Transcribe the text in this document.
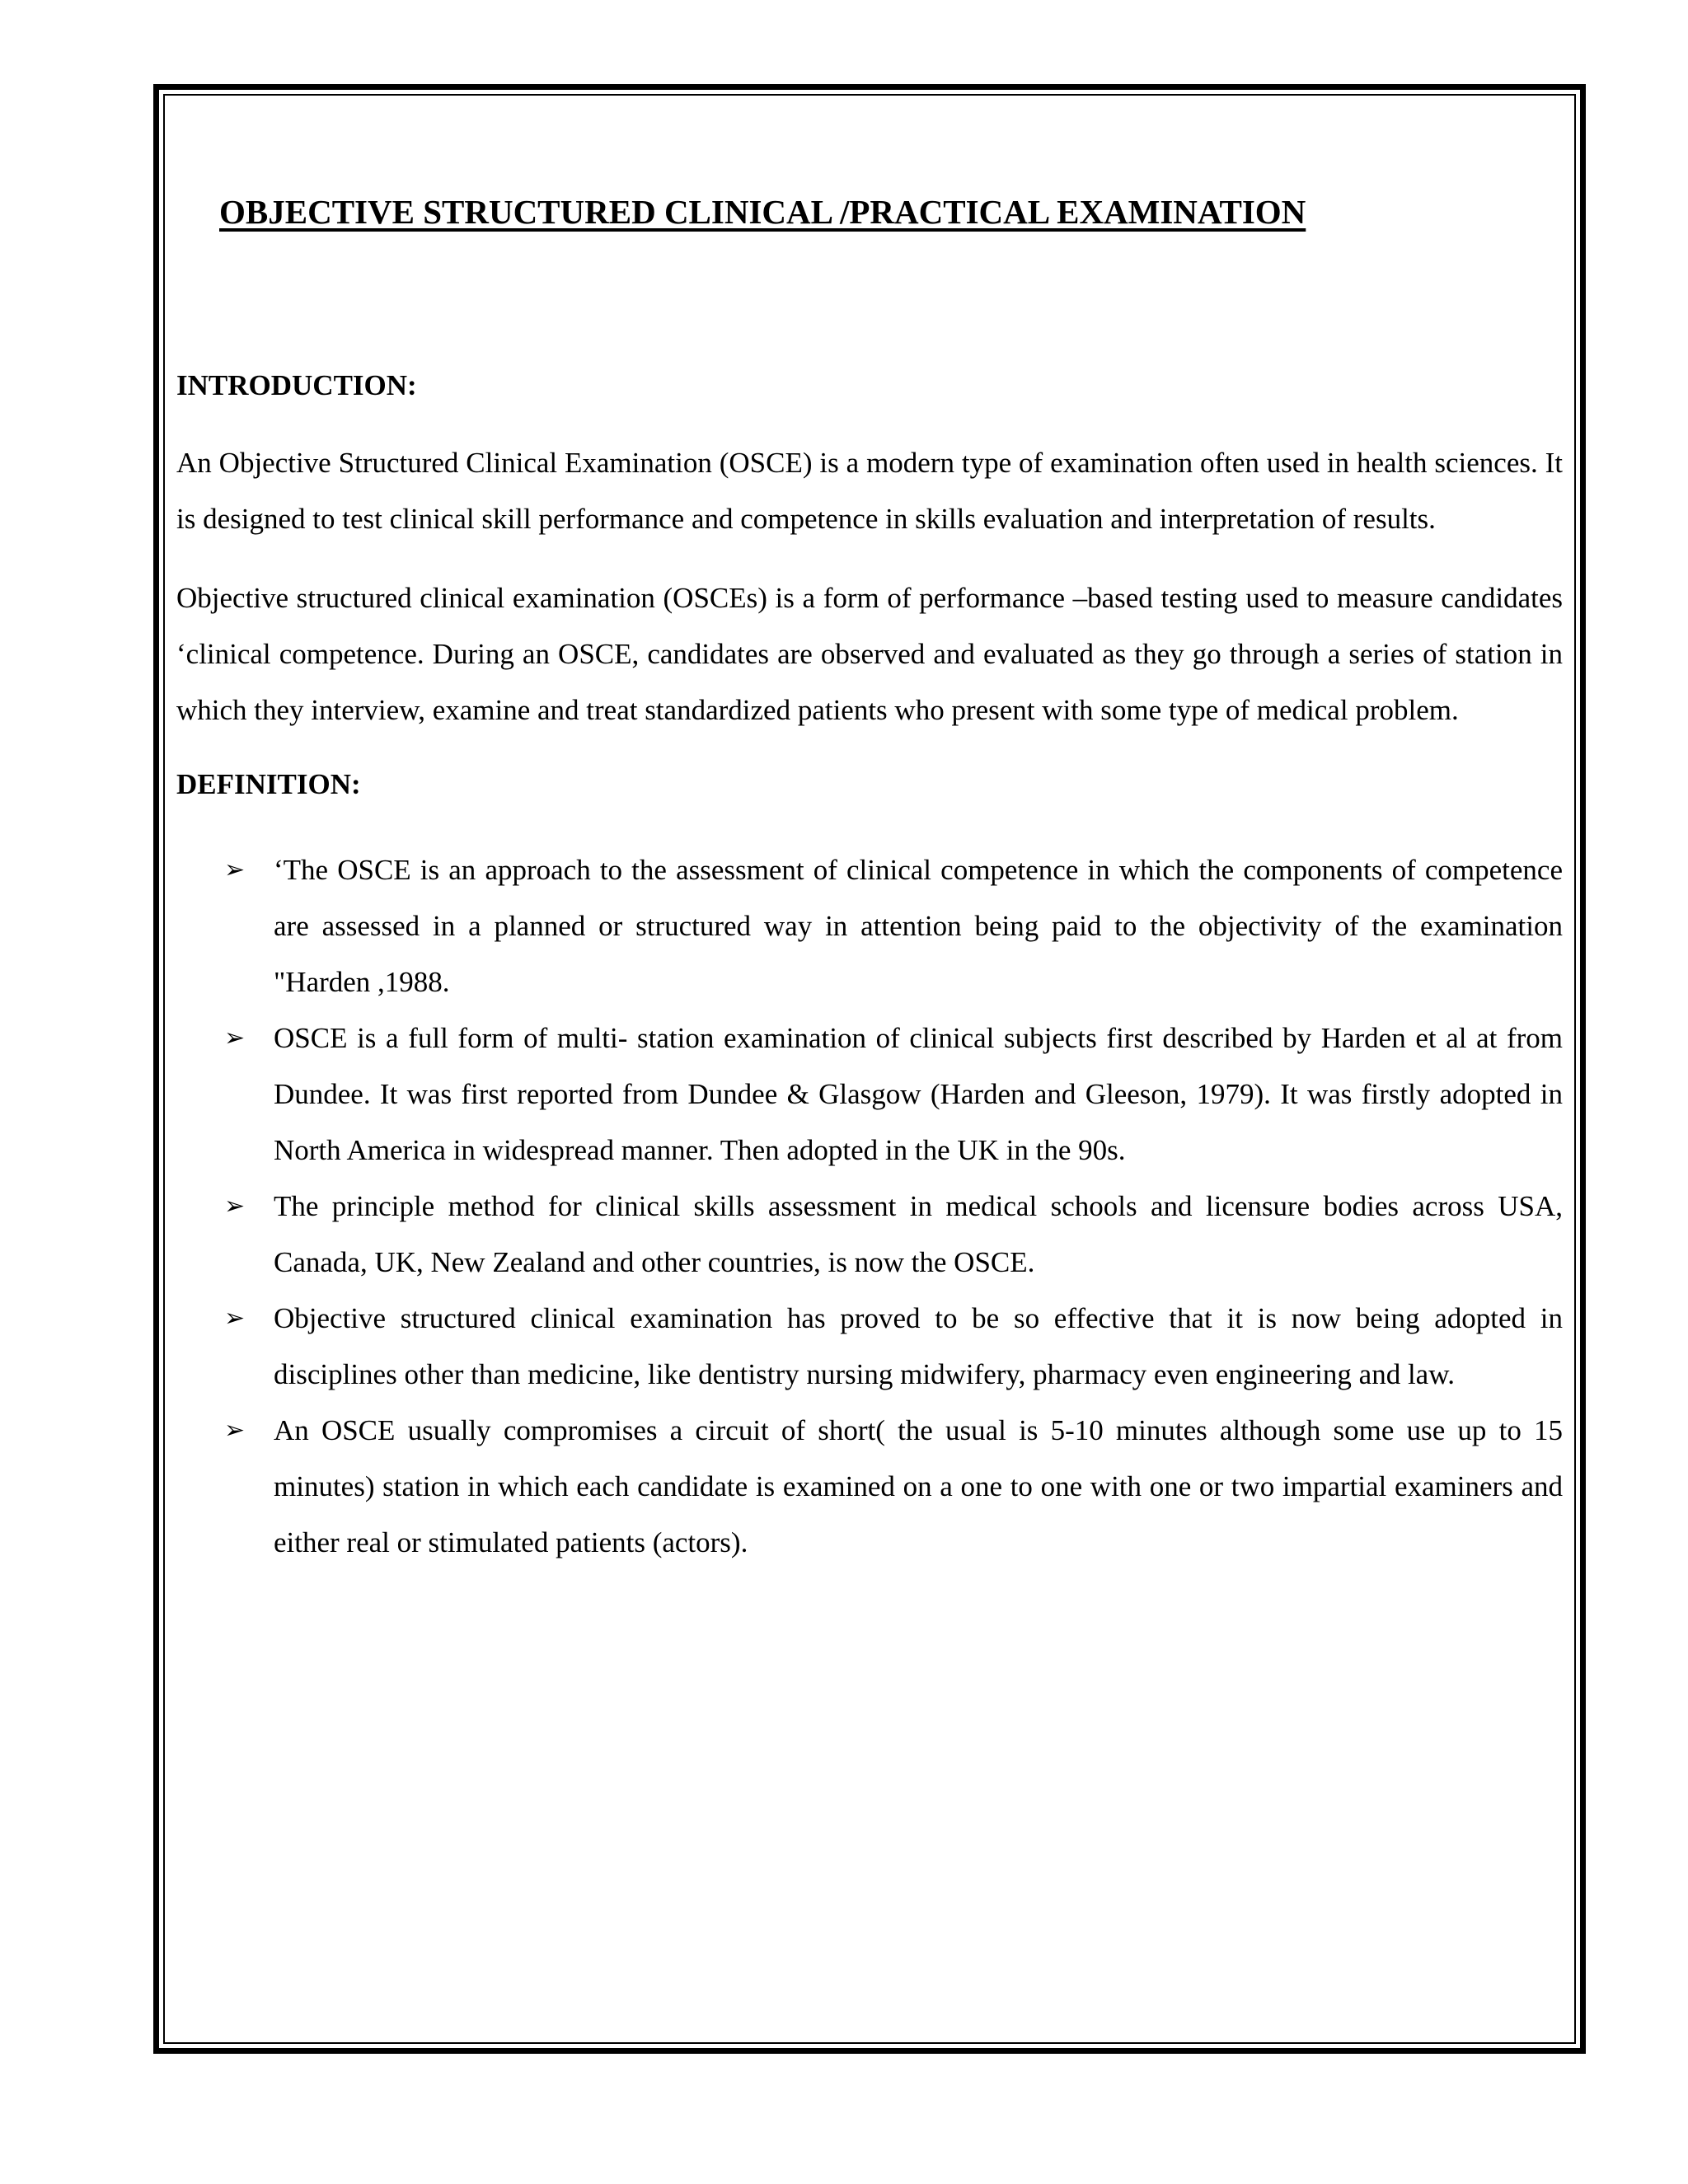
OBJECTIVE STRUCTURED CLINICAL /PRACTICAL EXAMINATION
INTRODUCTION:

An Objective Structured Clinical Examination (OSCE) is a modern type of examination often used in health sciences. It is designed to test clinical skill performance and competence in skills evaluation and interpretation of results.

Objective structured clinical examination (OSCEs) is a form of performance –based testing used to measure candidates ‘clinical competence. During an OSCE, candidates are observed and evaluated as they go through a series of station in which they interview, examine and treat standardized patients who present with some type of medical problem.

DEFINITION:
➢ ‘The OSCE is an approach to the assessment of clinical competence in which the components of competence are assessed in a planned or structured way in attention being paid to the objectivity of the examination "Harden ,1988.
➢ OSCE is a full form of multi- station examination of clinical subjects first described by Harden et al at from Dundee. It was first reported from Dundee & Glasgow (Harden and Gleeson, 1979). It was firstly adopted in North America in widespread manner. Then adopted in the UK in the 90s.
➢ The principle method for clinical skills assessment in medical schools and licensure bodies across USA, Canada, UK, New Zealand and other countries, is now the OSCE.
➢ Objective structured clinical examination has proved to be so effective that it is now being adopted in disciplines other than medicine, like dentistry nursing midwifery, pharmacy even engineering and law.
➢ An OSCE usually compromises a circuit of short( the usual is 5-10 minutes although some use up to 15 minutes) station in which each candidate is examined on a one to one with one or two impartial examiners and either real or stimulated patients (actors).
